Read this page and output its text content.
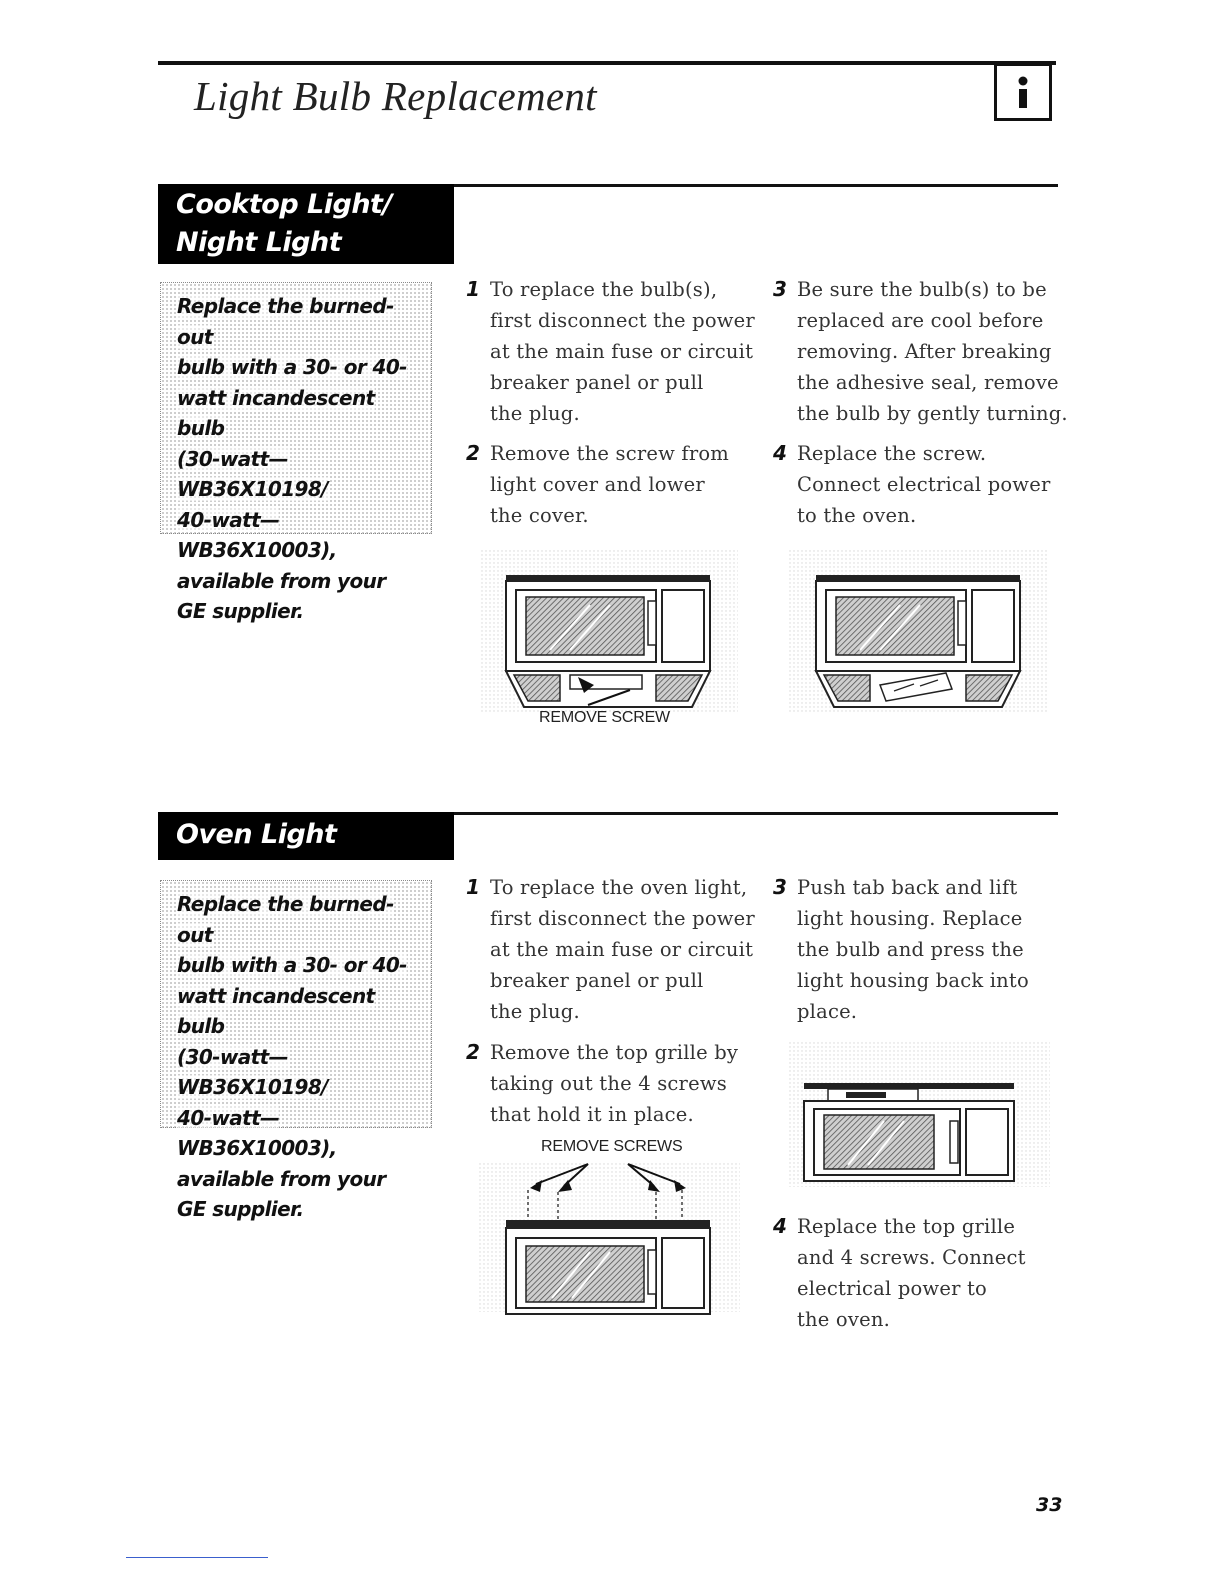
Light Bulb Replacement
Cooktop Light/
Night Light

Replace the burned-out
bulb with a 30- or 40-
watt incandescent bulb
(30-watt—WB36X10198/
40-watt—WB36X10003),
available from your
GE supplier.

1 To replace the bulb(s),
first disconnect the power
at the main fuse or circuit
breaker panel or pull
the plug.
2 Remove the screw from
light cover and lower
the cover.
3 Be sure the bulb(s) to be
replaced are cool before
removing. After breaking
the adhesive seal, remove
the bulb by gently turning.
4 Replace the screw.
Connect electrical power
to the oven.
REMOVE SCREW
Oven Light

Replace the burned-out
bulb with a 30- or 40-
watt incandescent bulb
(30-watt—WB36X10198/
40-watt—WB36X10003),
available from your
GE supplier.

1 To replace the oven light,
first disconnect the power
at the main fuse or circuit
breaker panel or pull
the plug.
2 Remove the top grille by
taking out the 4 screws
that hold it in place.
3 Push tab back and lift
light housing. Replace
the bulb and press the
light housing back into
place.
4 Replace the top grille
and 4 screws. Connect
electrical power to
the oven.
REMOVE SCREWS
33
